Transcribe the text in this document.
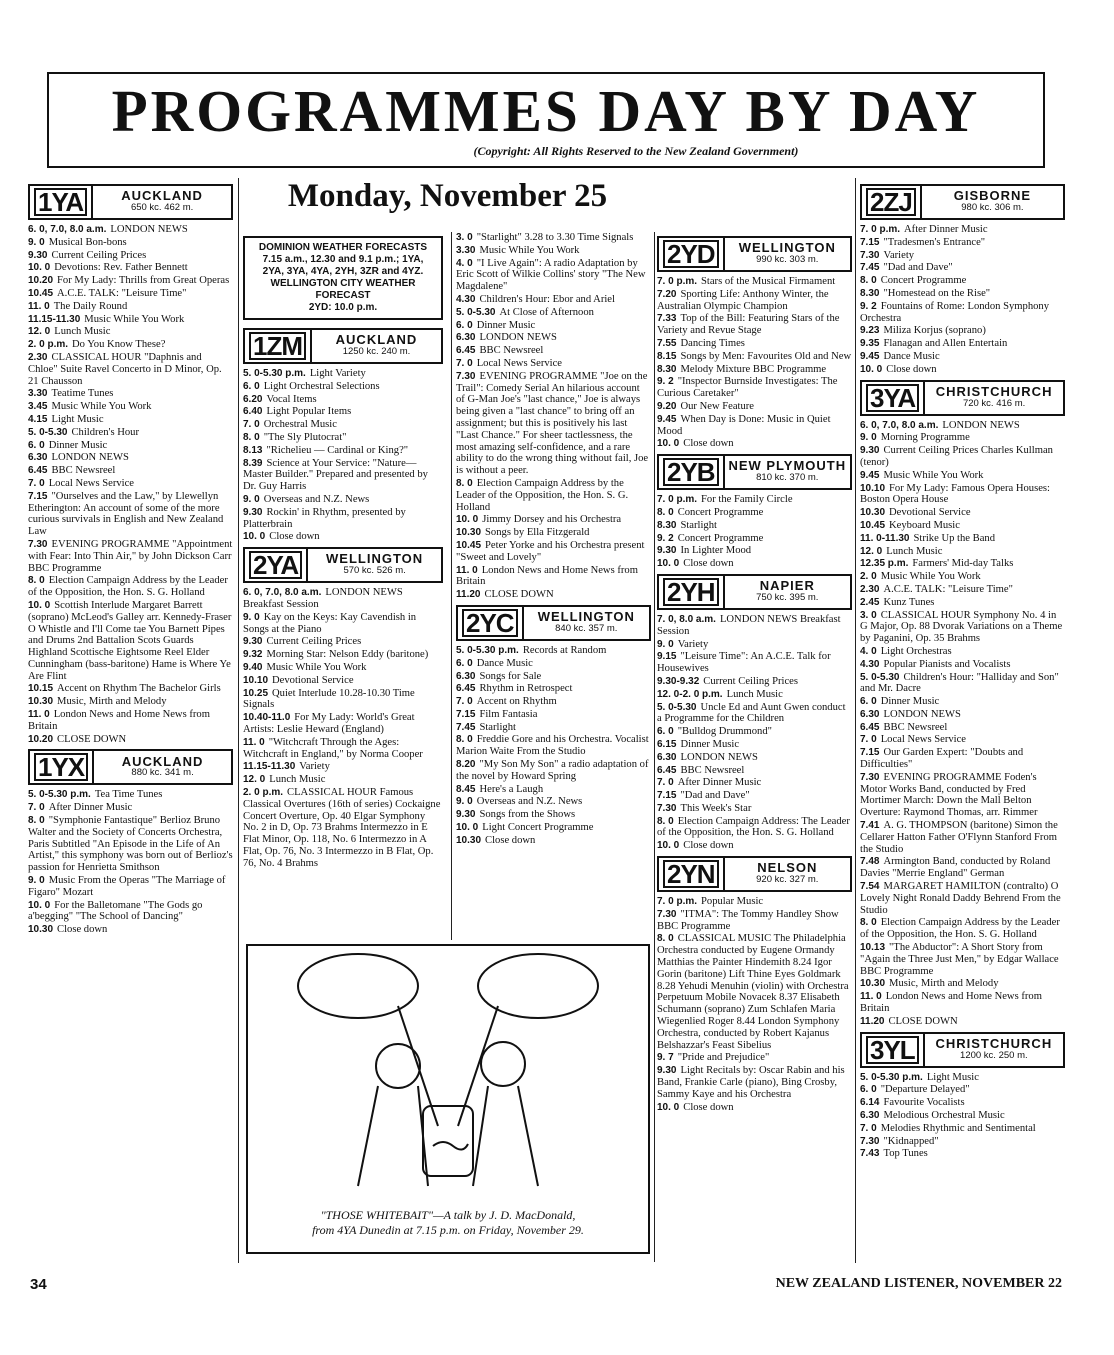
PROGRAMMES DAY BY DAY
(Copyright: All Rights Reserved to the New Zealand Government)
Monday, November 25
1YA	AUCKLAND
650 kc. 462 m.
6. 0, 7.0, 8.0 a.m. LONDON NEWS
9. 0 Musical Bon-bons
9.30 Current Ceiling Prices
10. 0 Devotions: Rev. Father Bennett
10.20 For My Lady: Thrills from Great Operas
10.45 A.C.E. TALK: "Leisure Time"
11. 0 The Daily Round
11.15-11.30 Music While You Work
12. 0 Lunch Music
2. 0 p.m. Do You Know These?
2.30 CLASSICAL HOUR "Daphnis and Chloe" Suite Ravel Concerto in D Minor, Op. 21 Chausson
3.30 Teatime Tunes
3.45 Music While You Work
4.15 Light Music
5. 0-5.30 Children's Hour
6. 0 Dinner Music
6.30 LONDON NEWS
6.45 BBC Newsreel
7. 0 Local News Service
7.15 "Ourselves and the Law," by Llewellyn Etherington: An account of some of the more curious survivals in English and New Zealand Law
7.30 EVENING PROGRAMME "Appointment with Fear: Into Thin Air," by John Dickson Carr BBC Programme
8. 0 Election Campaign Address by the Leader of the Opposition, the Hon. S. G. Holland
10. 0 Scottish Interlude Margaret Barrett (soprano) McLeod's Galley arr. Kennedy-Fraser O Whistle and I'll Come tae You Barnett Pipes and Drums 2nd Battalion Scots Guards Highland Scottische Eightsome Reel Elder Cunningham (bass-baritone) Hame is Where Ye Are Flint
10.15 Accent on Rhythm The Bachelor Girls
10.30 Music, Mirth and Melody
11. 0 London News and Home News from Britain
10.20 CLOSE DOWN
1YX	AUCKLAND
880 kc. 341 m.
5. 0-5.30 p.m. Tea Time Tunes
7. 0 After Dinner Music
8. 0 "Symphonie Fantastique" Berlioz Bruno Walter and the Society of Concerts Orchestra, Paris Subtitled "An Episode in the Life of An Artist," this symphony was born out of Berlioz's passion for Henrietta Smithson
9. 0 Music From the Operas "The Marriage of Figaro" Mozart
10. 0 For the Balletomane "The Gods go a'begging" "The School of Dancing"
10.30 Close down
DOMINION WEATHER FORECASTS
7.15 a.m., 12.30 and 9.1 p.m.; 1YA, 2YA, 3YA, 4YA, 2YH, 3ZR and 4YZ.
WELLINGTON CITY WEATHER FORECAST
2YD: 10.0 p.m.
1ZM	AUCKLAND
1250 kc. 240 m.
5. 0-5.30 p.m. Light Variety
6. 0 Light Orchestral Selections
6.20 Vocal Items
6.40 Light Popular Items
7. 0 Orchestral Music
8. 0 "The Sly Plutocrat"
8.13 "Richelieu — Cardinal or King?"
8.39 Science at Your Service: "Nature—Master Builder." Prepared and presented by Dr. Guy Harris
9. 0 Overseas and N.Z. News
9.30 Rockin' in Rhythm, presented by Platterbrain
10. 0 Close down
2YA	WELLINGTON
570 kc. 526 m.
6. 0, 7.0, 8.0 a.m. LONDON NEWS Breakfast Session
9. 0 Kay on the Keys: Kay Cavendish in Songs at the Piano
9.30 Current Ceiling Prices
9.32 Morning Star: Nelson Eddy (baritone)
9.40 Music While You Work
10.10 Devotional Service
10.25 Quiet Interlude 10.28-10.30 Time Signals
10.40-11.0 For My Lady: World's Great Artists: Leslie Heward (England)
11. 0 "Witchcraft Through the Ages: Witchcraft in England," by Norma Cooper
11.15-11.30 Variety
12. 0 Lunch Music
2. 0 p.m. CLASSICAL HOUR Famous Classical Overtures (16th of series) Cockaigne Concert Overture, Op. 40 Elgar Symphony No. 2 in D, Op. 73 Brahms Intermezzo in E Flat Minor, Op. 118, No. 6 Intermezzo in A Flat, Op. 76, No. 3 Intermezzo in B Flat, Op. 76, No. 4 Brahms
3. 0 "Starlight" 3.28 to 3.30 Time Signals
3.30 Music While You Work
4. 0 "I Live Again": A radio Adaptation by Eric Scott of Wilkie Collins' story "The New Magdalene"
4.30 Children's Hour: Ebor and Ariel
5. 0-5.30 At Close of Afternoon
6. 0 Dinner Music
6.30 LONDON NEWS
6.45 BBC Newsreel
7. 0 Local News Service
7.30 EVENING PROGRAMME "Joe on the Trail": Comedy Serial An hilarious account of G-Man Joe's "last chance," Joe is always being given a "last chance" to bring off an assignment; but this is positively his last "Last Chance." For sheer tactlessness, the most amazing self-confidence, and a rare ability to do the wrong thing without fail, Joe is without a peer.
8. 0 Election Campaign Address by the Leader of the Opposition, the Hon. S. G. Holland
10. 0 Jimmy Dorsey and his Orchestra
10.30 Songs by Ella Fitzgerald
10.45 Peter Yorke and his Orchestra present "Sweet and Lovely"
11. 0 London News and Home News from Britain
11.20 CLOSE DOWN
2YC	WELLINGTON
840 kc. 357 m.
5. 0-5.30 p.m. Records at Random
6. 0 Dance Music
6.30 Songs for Sale
6.45 Rhythm in Retrospect
7. 0 Accent on Rhythm
7.15 Film Fantasia
7.45 Starlight
8. 0 Freddie Gore and his Orchestra. Vocalist Marion Waite From the Studio
8.20 "My Son My Son" a radio adaptation of the novel by Howard Spring
8.45 Here's a Laugh
9. 0 Overseas and N.Z. News
9.30 Songs from the Shows
10. 0 Light Concert Programme
10.30 Close down
2YD	WELLINGTON
990 kc. 303 m.
7. 0 p.m. Stars of the Musical Firmament
7.20 Sporting Life: Anthony Winter, the Australian Olympic Champion
7.33 Top of the Bill: Featuring Stars of the Variety and Revue Stage
7.55 Dancing Times
8.15 Songs by Men: Favourites Old and New
8.30 Melody Mixture BBC Programme
9. 2 "Inspector Burnside Investigates: The Curious Caretaker"
9.20 Our New Feature
9.45 When Day is Done: Music in Quiet Mood
10. 0 Close down
2YB	NEW PLYMOUTH
810 kc. 370 m.
7. 0 p.m. For the Family Circle
8. 0 Concert Programme
8.30 Starlight
9. 2 Concert Programme
9.30 In Lighter Mood
10. 0 Close down
2YH	NAPIER
750 kc. 395 m.
7. 0, 8.0 a.m. LONDON NEWS Breakfast Session
9. 0 Variety
9.15 "Leisure Time": An A.C.E. Talk for Housewives
9.30-9.32 Current Ceiling Prices
12. 0-2. 0 p.m. Lunch Music
5. 0-5.30 Uncle Ed and Aunt Gwen conduct a Programme for the Children
6. 0 "Bulldog Drummond"
6.15 Dinner Music
6.30 LONDON NEWS
6.45 BBC Newsreel
7. 0 After Dinner Music
7.15 "Dad and Dave"
7.30 This Week's Star
8. 0 Election Campaign Address: The Leader of the Opposition, the Hon. S. G. Holland
10. 0 Close down
2YN	NELSON
920 kc. 327 m.
7. 0 p.m. Popular Music
7.30 "ITMA": The Tommy Handley Show BBC Programme
8. 0 CLASSICAL MUSIC The Philadelphia Orchestra conducted by Eugene Ormandy Matthias the Painter Hindemith 8.24 Igor Gorin (baritone) Lift Thine Eyes Goldmark 8.28 Yehudi Menuhin (violin) with Orchestra Perpetuum Mobile Novacek 8.37 Elisabeth Schumann (soprano) Zum Schlafen Maria Wiegenlied Roger 8.44 London Symphony Orchestra, conducted by Robert Kajanus Belshazzar's Feast Sibelius
9. 7 "Pride and Prejudice"
9.30 Light Recitals by: Oscar Rabin and his Band, Frankie Carle (piano), Bing Crosby, Sammy Kaye and his Orchestra
10. 0 Close down
2ZJ	GISBORNE
980 kc. 306 m.
7. 0 p.m. After Dinner Music
7.15 "Tradesmen's Entrance"
7.30 Variety
7.45 "Dad and Dave"
8. 0 Concert Programme
8.30 "Homestead on the Rise"
9. 2 Fountains of Rome: London Symphony Orchestra
9.23 Miliza Korjus (soprano)
9.35 Flanagan and Allen Entertain
9.45 Dance Music
10. 0 Close down
3YA	CHRISTCHURCH
720 kc. 416 m.
6. 0, 7.0, 8.0 a.m. LONDON NEWS
9. 0 Morning Programme
9.30 Current Ceiling Prices Charles Kullman (tenor)
9.45 Music While You Work
10.10 For My Lady: Famous Opera Houses: Boston Opera House
10.30 Devotional Service
10.45 Keyboard Music
11. 0-11.30 Strike Up the Band
12. 0 Lunch Music
12.35 p.m. Farmers' Mid-day Talks
2. 0 Music While You Work
2.30 A.C.E. TALK: "Leisure Time"
2.45 Kunz Tunes
3. 0 CLASSICAL HOUR Symphony No. 4 in G Major, Op. 88 Dvorak Variations on a Theme by Paganini, Op. 35 Brahms
4. 0 Light Orchestras
4.30 Popular Pianists and Vocalists
5. 0-5.30 Children's Hour: "Halliday and Son" and Mr. Dacre
6. 0 Dinner Music
6.30 LONDON NEWS
6.45 BBC Newsreel
7. 0 Local News Service
7.15 Our Garden Expert: "Doubts and Difficulties"
7.30 EVENING PROGRAMME Foden's Motor Works Band, conducted by Fred Mortimer March: Down the Mall Belton Overture: Raymond Thomas, arr. Rimmer
7.41 A. G. THOMPSON (baritone) Simon the Cellarer Hatton Father O'Flynn Stanford From the Studio
7.48 Armington Band, conducted by Roland Davies "Merrie England" German
7.54 MARGARET HAMILTON (contralto) O Lovely Night Ronald Daddy Behrend From the Studio
8. 0 Election Campaign Address by the Leader of the Opposition, the Hon. S. G. Holland
10.13 "The Abductor": A Short Story from "Again the Three Just Men," by Edgar Wallace BBC Programme
10.30 Music, Mirth and Melody
11. 0 London News and Home News from Britain
11.20 CLOSE DOWN
3YL	CHRISTCHURCH
1200 kc. 250 m.
5. 0-5.30 p.m. Light Music
6. 0 "Departure Delayed"
6.14 Favourite Vocalists
6.30 Melodious Orchestral Music
7. 0 Melodies Rhythmic and Sentimental
7.30 "Kidnapped"
7.43 Top Tunes
"THOSE WHITEBAIT"—A talk by J. D. MacDonald,
from 4YA Dunedin at 7.15 p.m. on Friday, November 29.
34	NEW ZEALAND LISTENER, NOVEMBER 22
